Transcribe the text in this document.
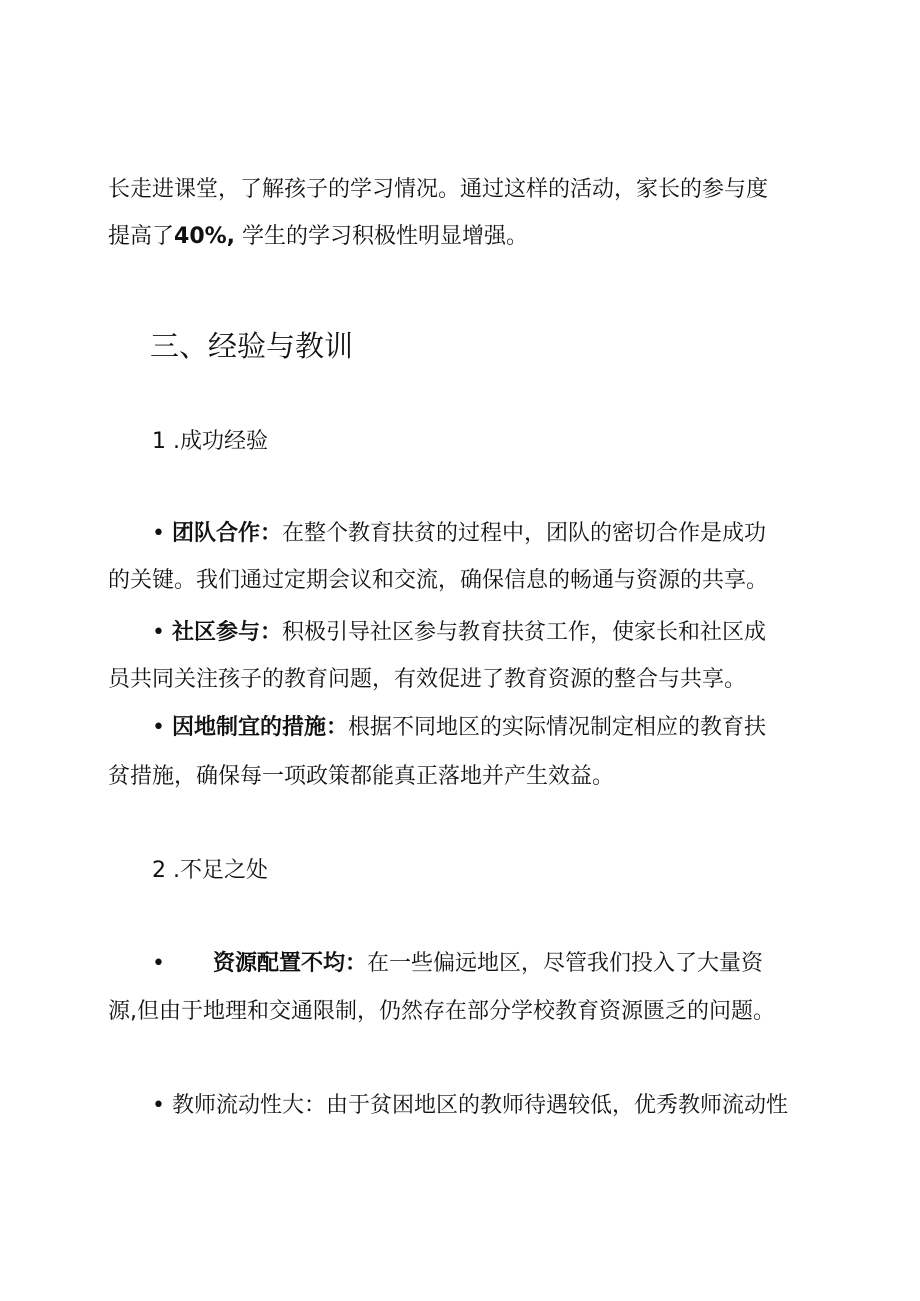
长走进课堂，了解孩子的学习情况。通过这样的活动，家长的参与度
提高了40%, 学生的学习积极性明显增强。
三、经验与教训
1 .成功经验
• 团队合作：在整个教育扶贫的过程中，团队的密切合作是成功
的关键。我们通过定期会议和交流，确保信息的畅通与资源的共享。
• 社区参与：积极引导社区参与教育扶贫工作，使家长和社区成
员共同关注孩子的教育问题，有效促进了教育资源的整合与共享。
• 因地制宜的措施：根据不同地区的实际情况制定相应的教育扶
贫措施，确保每一项政策都能真正落地并产生效益。
2 .不足之处
• 资源配置不均：在一些偏远地区，尽管我们投入了大量资
源,但由于地理和交通限制，仍然存在部分学校教育资源匮乏的问题。
• 教师流动性大：由于贫困地区的教师待遇较低，优秀教师流动性
